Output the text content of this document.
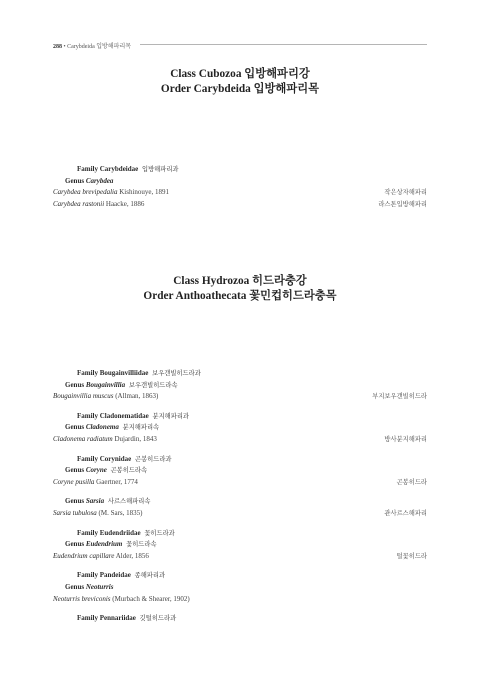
288 • Carybdeida 입방해파리목
Class Cubozoa 입방해파리강
Order Carybdeida 입방해파리목
Family Carybdeidae 입방해파리과
Genus Carybdea
Carybdea brevipedalia Kishinouye, 1891	작은상자해파리
Carybdea rastonii Haacke, 1886	라스톤입방해파리
Class Hydrozoa 히드라충강
Order Anthoathecata 꽃민컵히드라충목
Family Bougainvilliidae 보우갠빌히드라과
Genus Bougainvillia 보우갠빌히드라속
Bougainvillia muscus (Allman, 1863)	부지보우갠빌히드라
Family Cladonematidae 분지해파리과
Genus Cladonema 분지해파리속
Cladonema radiatum Dujardin, 1843	방사분지해파리
Family Corynidae 곤봉히드라과
Genus Coryne 곤봉히드라속
Coryne pusilla Gaertner, 1774	곤봉히드라
Genus Sarsia 사르스해파리속
Sarsia tubulosa (M. Sars, 1835)	관사르스해파리
Family Eudendriidae 꽃히드라과
Genus Eudendrium 꽃히드라속
Eudendrium capillare Alder, 1856	털꽃히드라
Family Pandeidae 종해파리과
Genus Neoturris
Neoturris breviconis (Murbach & Shearer, 1902)
Family Pennariidae 깃털히드라과
